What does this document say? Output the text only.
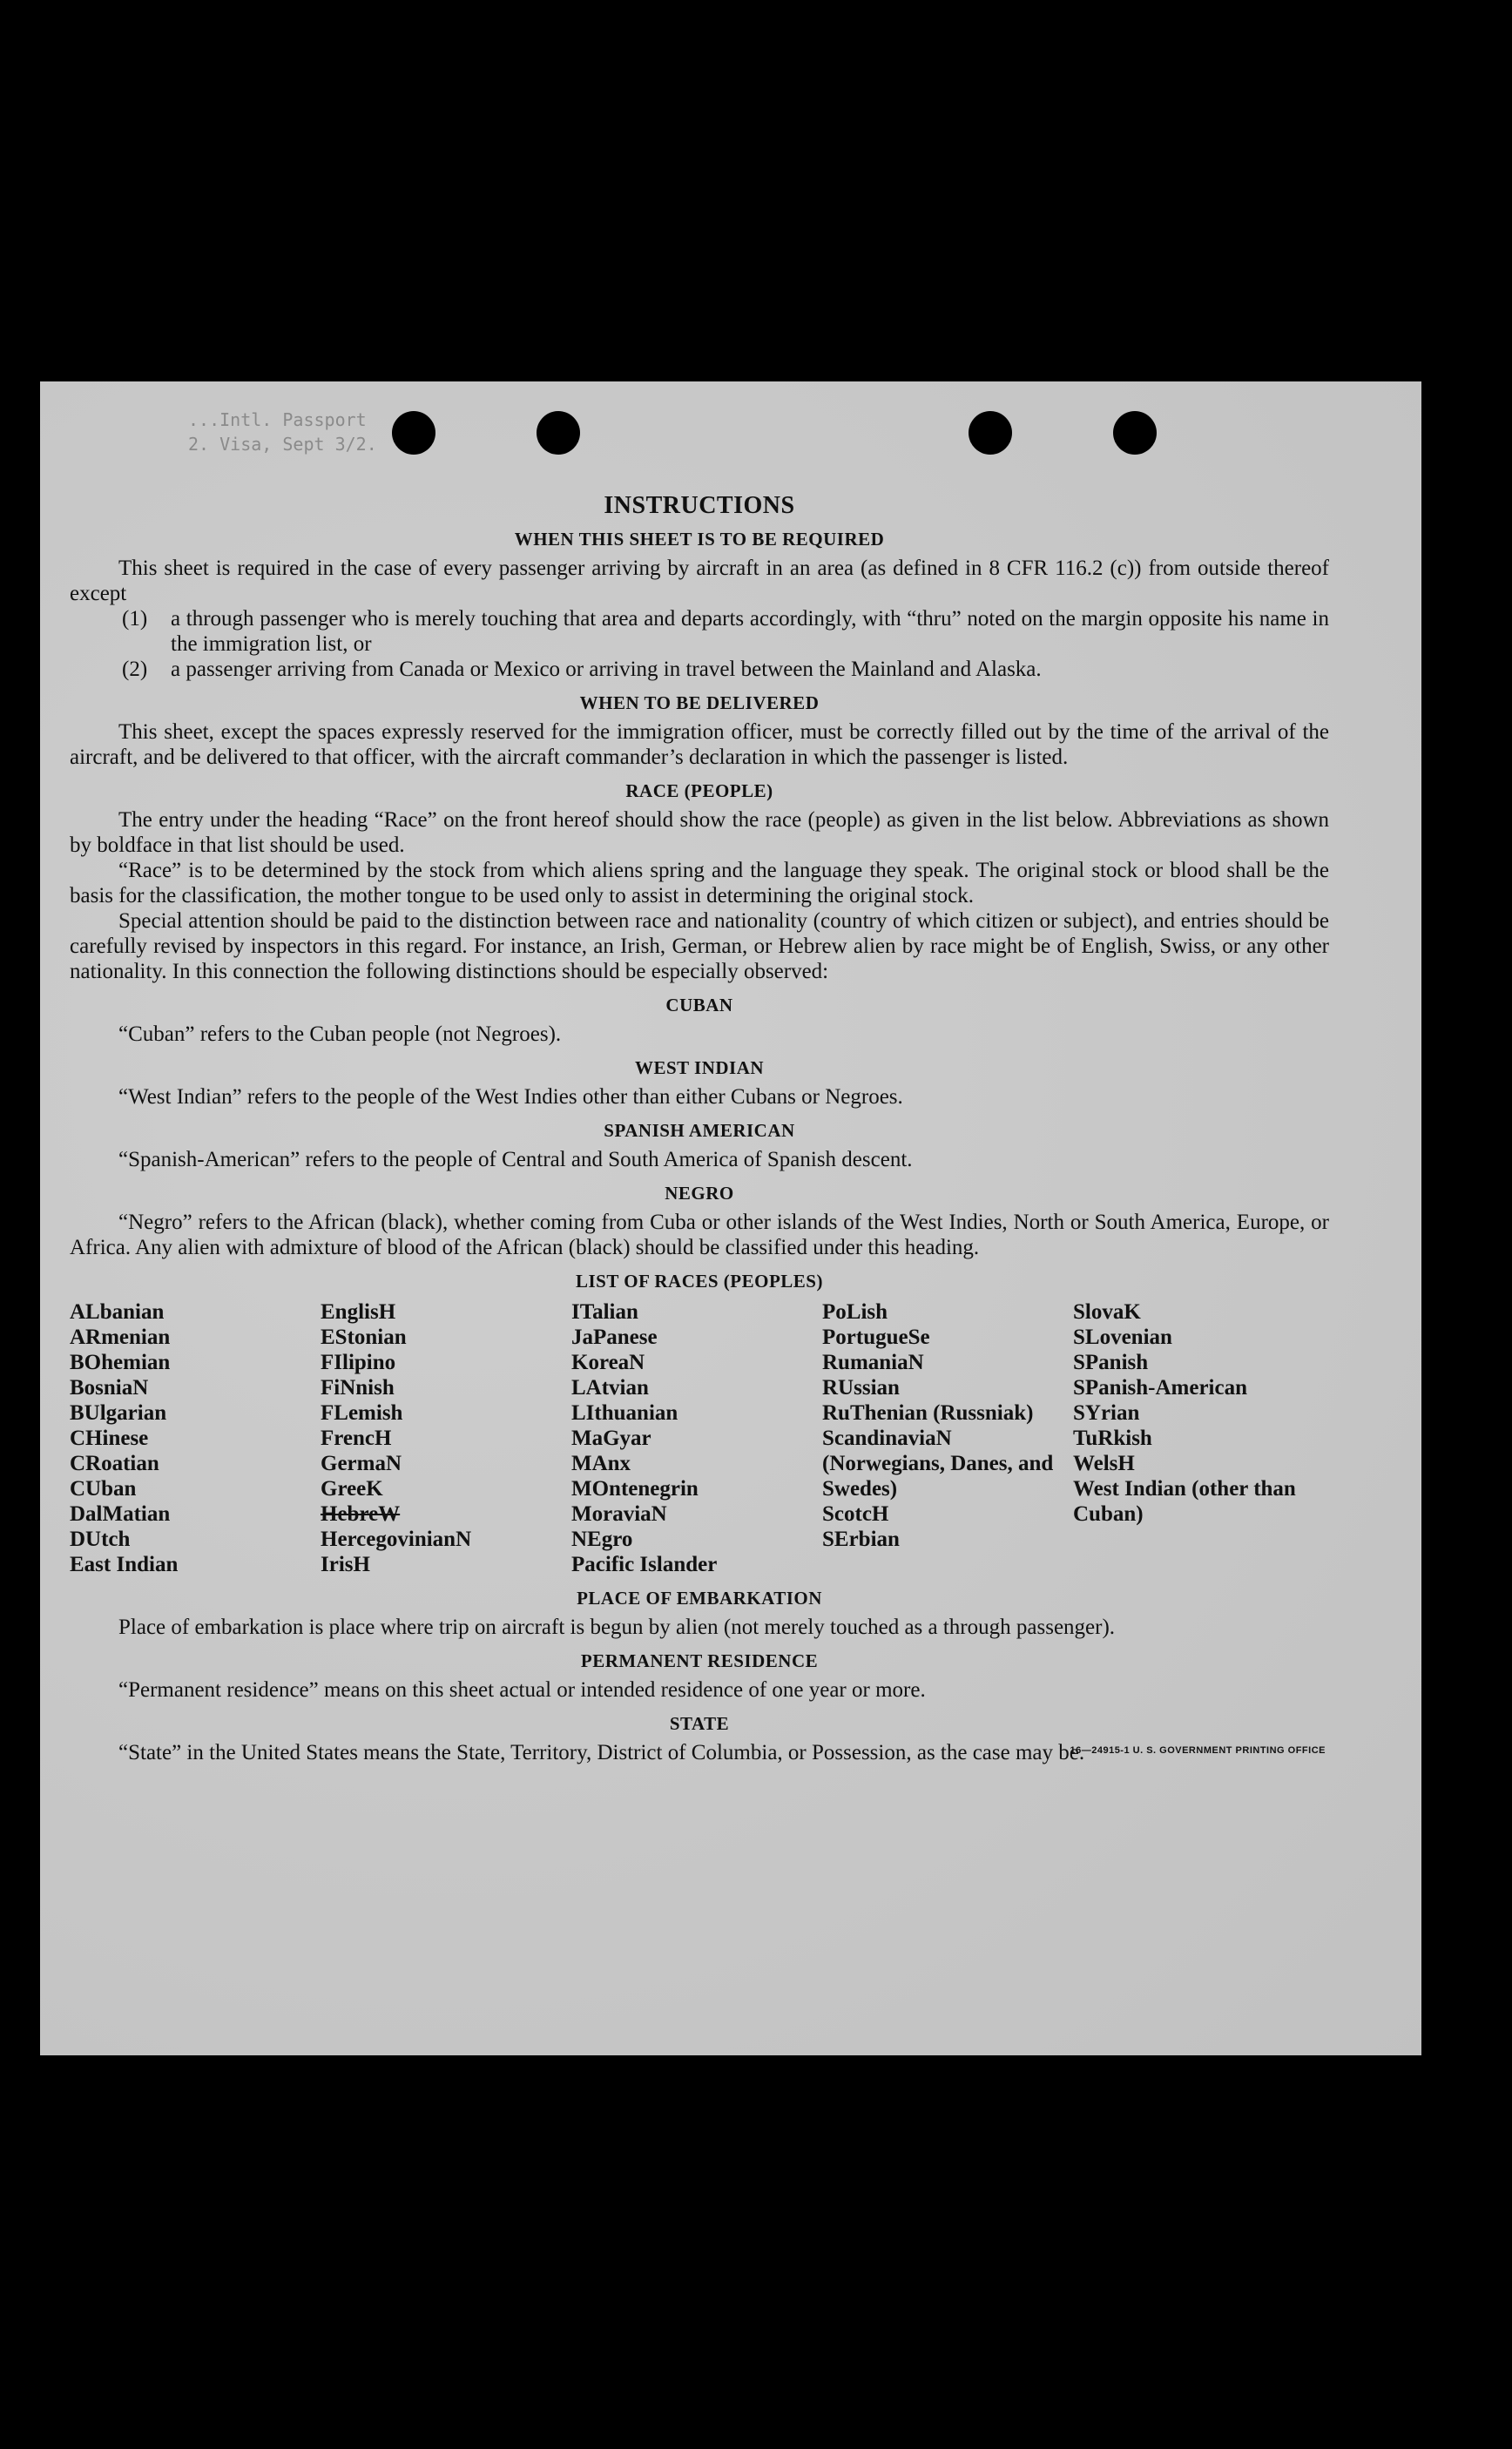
...Intl. Passport
2. Visa, Sept 3/2.
INSTRUCTIONS
WHEN THIS SHEET IS TO BE REQUIRED

This sheet is required in the case of every passenger arriving by aircraft in an area (as defined in 8 CFR 116.2 (c)) from outside thereof except

(1)	a through passenger who is merely touching that area and departs accordingly, with “thru” noted on the margin opposite his name in the immigration list, or
(2)	a passenger arriving from Canada or Mexico or arriving in travel between the Mainland and Alaska.
WHEN TO BE DELIVERED

This sheet, except the spaces expressly reserved for the immigration officer, must be correctly filled out by the time of the arrival of the aircraft, and be delivered to that officer, with the aircraft commander’s declaration in which the passenger is listed.

RACE (PEOPLE)

The entry under the heading “Race” on the front hereof should show the race (people) as given in the list below. Abbreviations as shown by boldface in that list should be used.

“Race” is to be determined by the stock from which aliens spring and the language they speak. The original stock or blood shall be the basis for the classification, the mother tongue to be used only to assist in determining the original stock.

Special attention should be paid to the distinction between race and nationality (country of which citizen or subject), and entries should be carefully revised by inspectors in this regard. For instance, an Irish, German, or Hebrew alien by race might be of English, Swiss, or any other nationality. In this connection the following distinctions should be especially observed:

CUBAN

“Cuban” refers to the Cuban people (not Negroes).

WEST INDIAN

“West Indian” refers to the people of the West Indies other than either Cubans or Negroes.

SPANISH AMERICAN

“Spanish-American” refers to the people of Central and South America of Spanish descent.

NEGRO

“Negro” refers to the African (black), whether coming from Cuba or other islands of the West Indies, North or South America, Europe, or Africa. Any alien with admixture of blood of the African (black) should be classified under this heading.

LIST OF RACES (PEOPLES)
ALbanian
ARmenian
BOhemian
BosniaN
BUlgarian
CHinese
CRoatian
CUban
DalMatian
DUtch
East Indian
EnglisH
EStonian
FIlipino
FiNnish
FLemish
FrencH
GermaN
GreeK
HebreW
HercegovinianN
IrisH
ITalian
JaPanese
KoreaN
LAtvian
LIthuanian
MaGyar
MAnx
MOntenegrin
MoraviaN
NEgro
Pacific Islander
PoLish
PortugueSe
RumaniaN
RUssian
RuThenian (Russniak)
ScandinaviaN (Norwegians, Danes, and Swedes)
ScotcH
SErbian
SlovaK
SLovenian
SPanish
SPanish-American
SYrian
TuRkish
WelsH
West Indian (other than Cuban)
PLACE OF EMBARKATION

Place of embarkation is place where trip on aircraft is begun by alien (not merely touched as a through passenger).

PERMANENT RESIDENCE

“Permanent residence” means on this sheet actual or intended residence of one year or more.

STATE

“State” in the United States means the State, Territory, District of Columbia, or Possession, as the case may be.

16—24915-1 U. S. GOVERNMENT PRINTING OFFICE
